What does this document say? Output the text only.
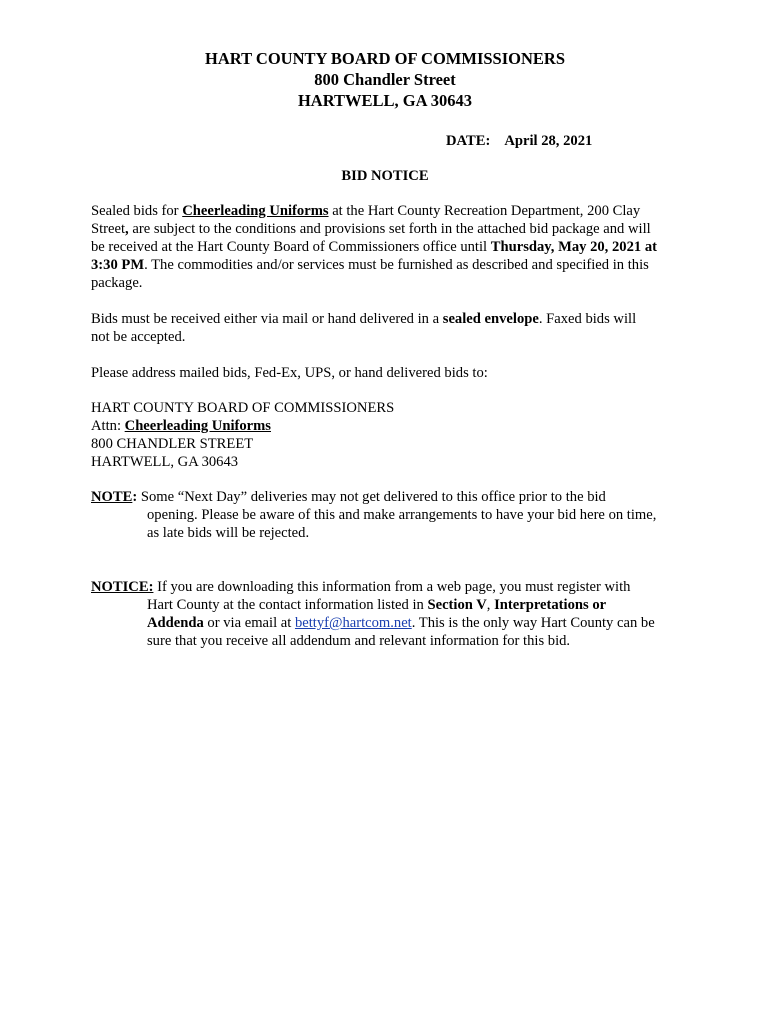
HART COUNTY BOARD OF COMMISSIONERS
800 Chandler Street
HARTWELL, GA 30643
DATE: April 28, 2021
BID NOTICE
Sealed bids for Cheerleading Uniforms at the Hart County Recreation Department, 200 Clay
Street, are subject to the conditions and provisions set forth in the attached bid package and will
be received at the Hart County Board of Commissioners office until Thursday, May 20, 2021 at
3:30 PM. The commodities and/or services must be furnished as described and specified in this
package.
Bids must be received either via mail or hand delivered in a sealed envelope. Faxed bids will
not be accepted.
Please address mailed bids, Fed-Ex, UPS, or hand delivered bids to:
HART COUNTY BOARD OF COMMISSIONERS
Attn: Cheerleading Uniforms
800 CHANDLER STREET
HARTWELL, GA 30643
NOTE: Some “Next Day” deliveries may not get delivered to this office prior to the bid
opening. Please be aware of this and make arrangements to have your bid here on time,
as late bids will be rejected.
NOTICE: If you are downloading this information from a web page, you must register with
Hart County at the contact information listed in Section V, Interpretations or
Addenda or via email at bettyf@hartcom.net. This is the only way Hart County can be
sure that you receive all addendum and relevant information for this bid.
